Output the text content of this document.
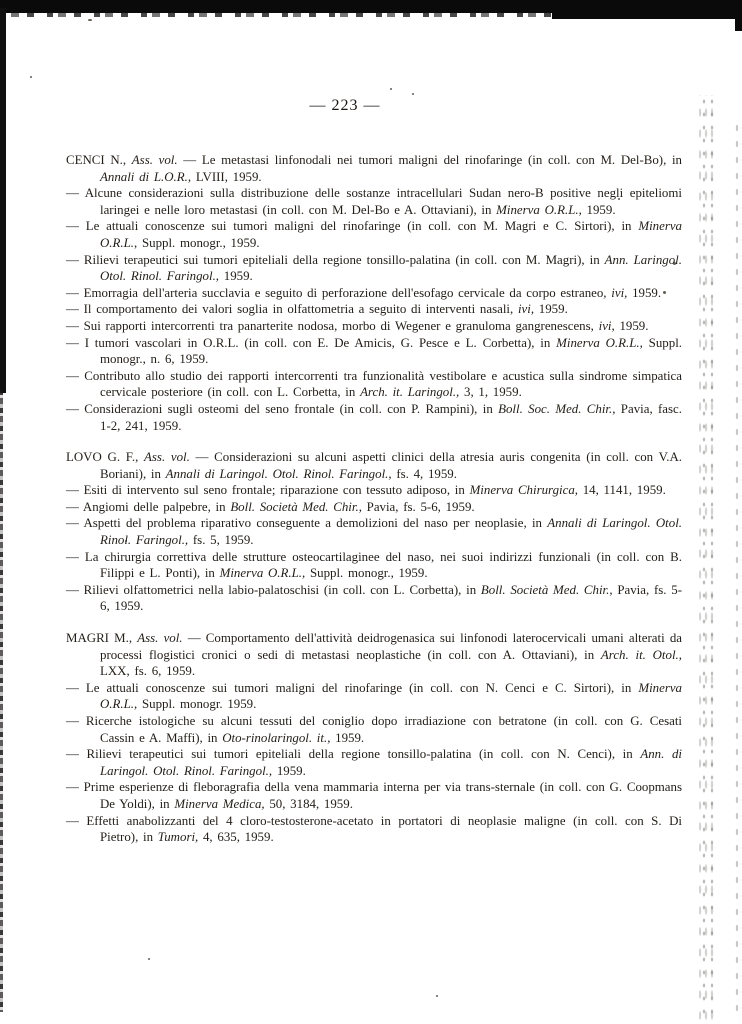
— 223 —

CENCI N., Ass. vol. — Le metastasi linfonodali nei tumori maligni del rinofaringe (in coll. con M. Del-Bo), in Annali di L.O.R., LVIII, 1959.

— Alcune considerazioni sulla distribuzione delle sostanze intracellulari Sudan nero-B positive negli epiteliomi laringei e nelle loro metastasi (in coll. con M. Del-Bo e A. Ottaviani), in Minerva O.R.L., 1959.

— Le attuali conoscenze sui tumori maligni del rinofaringe (in coll. con M. Magri e C. Sirtori), in Minerva O.R.L., Suppl. monogr., 1959.

— Rilievi terapeutici sui tumori epiteliali della regione tonsillo-palatina (in coll. con M. Magri), in Ann. Laringol. Otol. Rinol. Faringol., 1959.

— Emorragia dell'arteria succlavia e seguito di perforazione dell'esofago cervicale da corpo estraneo, ivi, 1959.

— Il comportamento dei valori soglia in olfattometria a seguito di interventi nasali, ivi, 1959.

— Sui rapporti intercorrenti tra panarterite nodosa, morbo di Wegener e granuloma gangrenescens, ivi, 1959.

— I tumori vascolari in O.R.L. (in coll. con E. De Amicis, G. Pesce e L. Corbetta), in Minerva O.R.L., Suppl. monogr., n. 6, 1959.

— Contributo allo studio dei rapporti intercorrenti tra funzionalità vestibolare e acustica sulla sindrome simpatica cervicale posteriore (in coll. con L. Corbetta, in Arch. it. Laringol., 3, 1, 1959.

— Considerazioni sugli osteomi del seno frontale (in coll. con P. Rampini), in Boll. Soc. Med. Chir., Pavia, fasc. 1-2, 241, 1959.

LOVO G. F., Ass. vol. — Considerazioni su alcuni aspetti clinici della atresia auris congenita (in coll. con V.A. Boriani), in Annali di Laringol. Otol. Rinol. Faringol., fs. 4, 1959.

— Esiti di intervento sul seno frontale; riparazione con tessuto adiposo, in Minerva Chirurgica, 14, 1141, 1959.

— Angiomi delle palpebre, in Boll. Società Med. Chir., Pavia, fs. 5-6, 1959.

— Aspetti del problema riparativo conseguente a demolizioni del naso per neoplasie, in Annali di Laringol. Otol. Rinol. Faringol., fs. 5, 1959.

— La chirurgia correttiva delle strutture osteocartilaginee del naso, nei suoi indirizzi funzionali (in coll. con B. Filippi e L. Ponti), in Minerva O.R.L., Suppl. monogr., 1959.

— Rilievi olfattometrici nella labio-palatoschisi (in coll. con L. Corbetta), in Boll. Società Med. Chir., Pavia, fs. 5-6, 1959.

MAGRI M., Ass. vol. — Comportamento dell'attività deidrogenasica sui linfonodi laterocervicali umani alterati da processi flogistici cronici o sedi di metastasi neoplastiche (in coll. con A. Ottaviani), in Arch. it. Otol., LXX, fs. 6, 1959.

— Le attuali conoscenze sui tumori maligni del rinofaringe (in coll. con N. Cenci e C. Sirtori), in Minerva O.R.L., Suppl. monogr. 1959.

— Ricerche istologiche su alcuni tessuti del coniglio dopo irradiazione con betratone (in coll. con G. Cesati Cassin e A. Maffi), in Oto-rinolaringol. it., 1959.

— Rilievi terapeutici sui tumori epiteliali della regione tonsillo-palatina (in coll. con N. Cenci), in Ann. di Laringol. Otol. Rinol. Faringol., 1959.

— Prime esperienze di fleboragrafia della vena mammaria interna per via trans-sternale (in coll. con G. Coopmans De Yoldi), in Minerva Medica, 50, 3184, 1959.

— Effetti anabolizzanti del 4 cloro-testosterone-acetato in portatori di neoplasie maligne (in coll. con S. Di Pietro), in Tumori, 4, 635, 1959.
